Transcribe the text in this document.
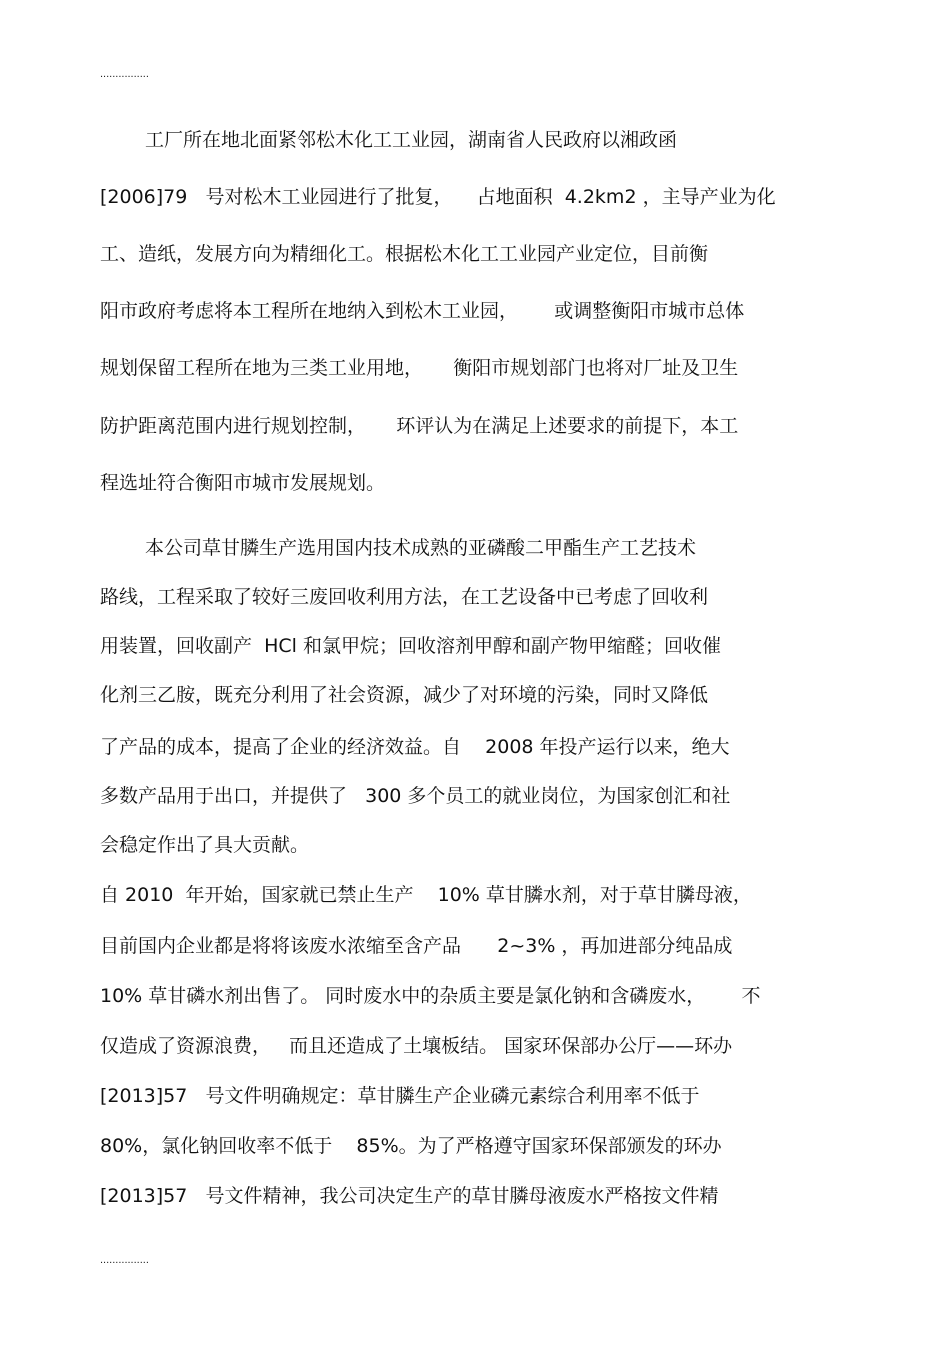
................
工厂所在地北面紧邻松木化工工业园，湖南省人民政府以湘政函
[2006]79   号对松木工业园进行了批复，    占地面积  4.2km2 ，主导产业为化
工、造纸，发展方向为精细化工。根据松木化工工业园产业定位，目前衡
阳市政府考虑将本工程所在地纳入到松木工业园，      或调整衡阳市城市总体
规划保留工程所在地为三类工业用地，     衡阳市规划部门也将对厂址及卫生
防护距离范围内进行规划控制，     环评认为在满足上述要求的前提下，本工
程选址符合衡阳市城市发展规划。
本公司草甘膦生产选用国内技术成熟的亚磷酸二甲酯生产工艺技术
路线，工程采取了较好三废回收利用方法，在工艺设备中已考虑了回收利
用装置，回收副产  HCl 和氯甲烷；回收溶剂甲醇和副产物甲缩醛；回收催
化剂三乙胺，既充分利用了社会资源，减少了对环境的污染，同时又降低
了产品的成本，提高了企业的经济效益。自    2008 年投产运行以来，绝大
多数产品用于出口，并提供了   300 多个员工的就业岗位，为国家创汇和社
会稳定作出了具大贡献。
自 2010  年开始，国家就已禁止生产    10% 草甘膦水剂，对于草甘膦母液，
目前国内企业都是将将该废水浓缩至含产品      2~3% ，再加进部分纯品成
10% 草甘磷水剂出售了。 同时废水中的杂质主要是氯化钠和含磷废水，      不
仅造成了资源浪费，   而且还造成了土壤板结。 国家环保部办公厅——环办
[2013]57   号文件明确规定：草甘膦生产企业磷元素综合利用率不低于
80%，氯化钠回收率不低于    85%。为了严格遵守国家环保部颁发的环办
[2013]57   号文件精神，我公司决定生产的草甘膦母液废水严格按文件精
................
